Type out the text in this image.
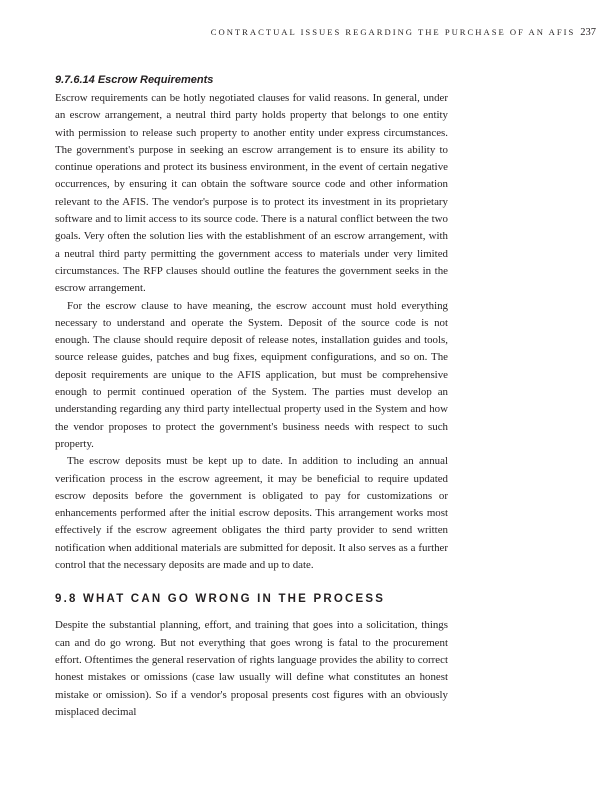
CONTRACTUAL ISSUES REGARDING THE PURCHASE OF AN AFIS 237
9.7.6.14 Escrow Requirements

Escrow requirements can be hotly negotiated clauses for valid reasons. In general, under an escrow arrangement, a neutral third party holds property that belongs to one entity with permission to release such property to another entity under express circumstances. The government's purpose in seeking an escrow arrangement is to ensure its ability to continue operations and protect its business environment, in the event of certain negative occurrences, by ensuring it can obtain the software source code and other information relevant to the AFIS. The vendor's purpose is to protect its investment in its proprietary software and to limit access to its source code. There is a natural conflict between the two goals. Very often the solution lies with the establishment of an escrow arrangement, with a neutral third party permitting the government access to materials under very limited circumstances. The RFP clauses should outline the features the government seeks in the escrow arrangement.

For the escrow clause to have meaning, the escrow account must hold everything necessary to understand and operate the System. Deposit of the source code is not enough. The clause should require deposit of release notes, installation guides and tools, source release guides, patches and bug fixes, equipment configurations, and so on. The deposit requirements are unique to the AFIS application, but must be comprehensive enough to permit continued operation of the System. The parties must develop an understanding regarding any third party intellectual property used in the System and how the vendor proposes to protect the government's business needs with respect to such property.

The escrow deposits must be kept up to date. In addition to including an annual verification process in the escrow agreement, it may be beneficial to require updated escrow deposits before the government is obligated to pay for customizations or enhancements performed after the initial escrow deposits. This arrangement works most effectively if the escrow agreement obligates the third party provider to send written notification when additional materials are submitted for deposit. It also serves as a further control that the necessary deposits are made and up to date.

9.8 WHAT CAN GO WRONG IN THE PROCESS

Despite the substantial planning, effort, and training that goes into a solicitation, things can and do go wrong. But not everything that goes wrong is fatal to the procurement effort. Oftentimes the general reservation of rights language provides the ability to correct honest mistakes or omissions (case law usually will define what constitutes an honest mistake or omission). So if a vendor's proposal presents cost figures with an obviously misplaced decimal
